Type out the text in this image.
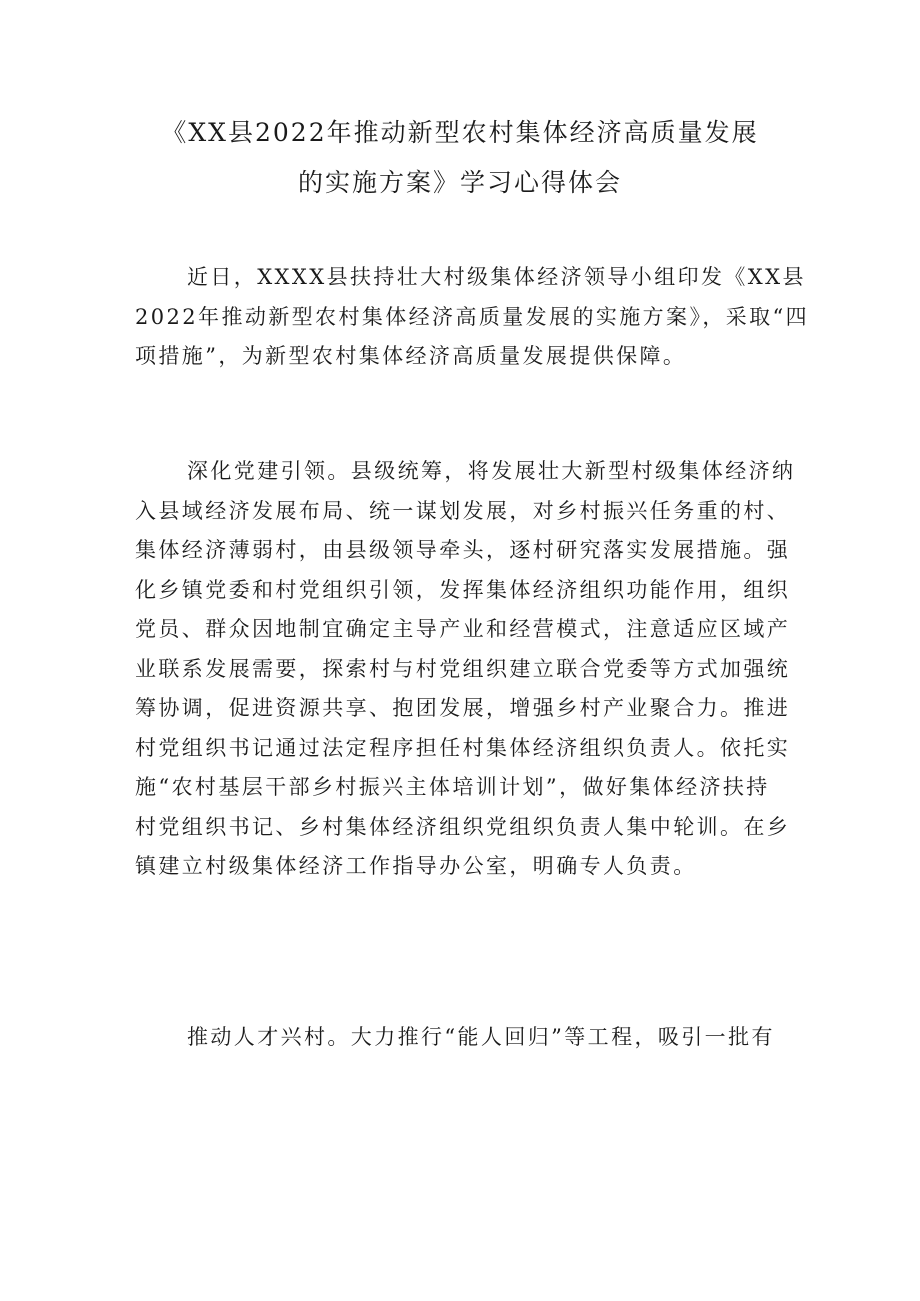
《XX县2022年推动新型农村集体经济高质量发展
的实施方案》学习心得体会

近日，XXXX县扶持壮大村级集体经济领导小组印发《XX县
2022年推动新型农村集体经济高质量发展的实施方案》，采取“四
项措施”，为新型农村集体经济高质量发展提供保障。

深化党建引领。县级统筹，将发展壮大新型村级集体经济纳
入县域经济发展布局、统一谋划发展，对乡村振兴任务重的村、
集体经济薄弱村，由县级领导牵头，逐村研究落实发展措施。强
化乡镇党委和村党组织引领，发挥集体经济组织功能作用，组织
党员、群众因地制宜确定主导产业和经营模式，注意适应区域产
业联系发展需要，探索村与村党组织建立联合党委等方式加强统
筹协调，促进资源共享、抱团发展，增强乡村产业聚合力。推进
村党组织书记通过法定程序担任村集体经济组织负责人。依托实
施“农村基层干部乡村振兴主体培训计划”，做好集体经济扶持
村党组织书记、乡村集体经济组织党组织负责人集中轮训。在乡
镇建立村级集体经济工作指导办公室，明确专人负责。

推动人才兴村。大力推行“能人回归”等工程，吸引一批有
